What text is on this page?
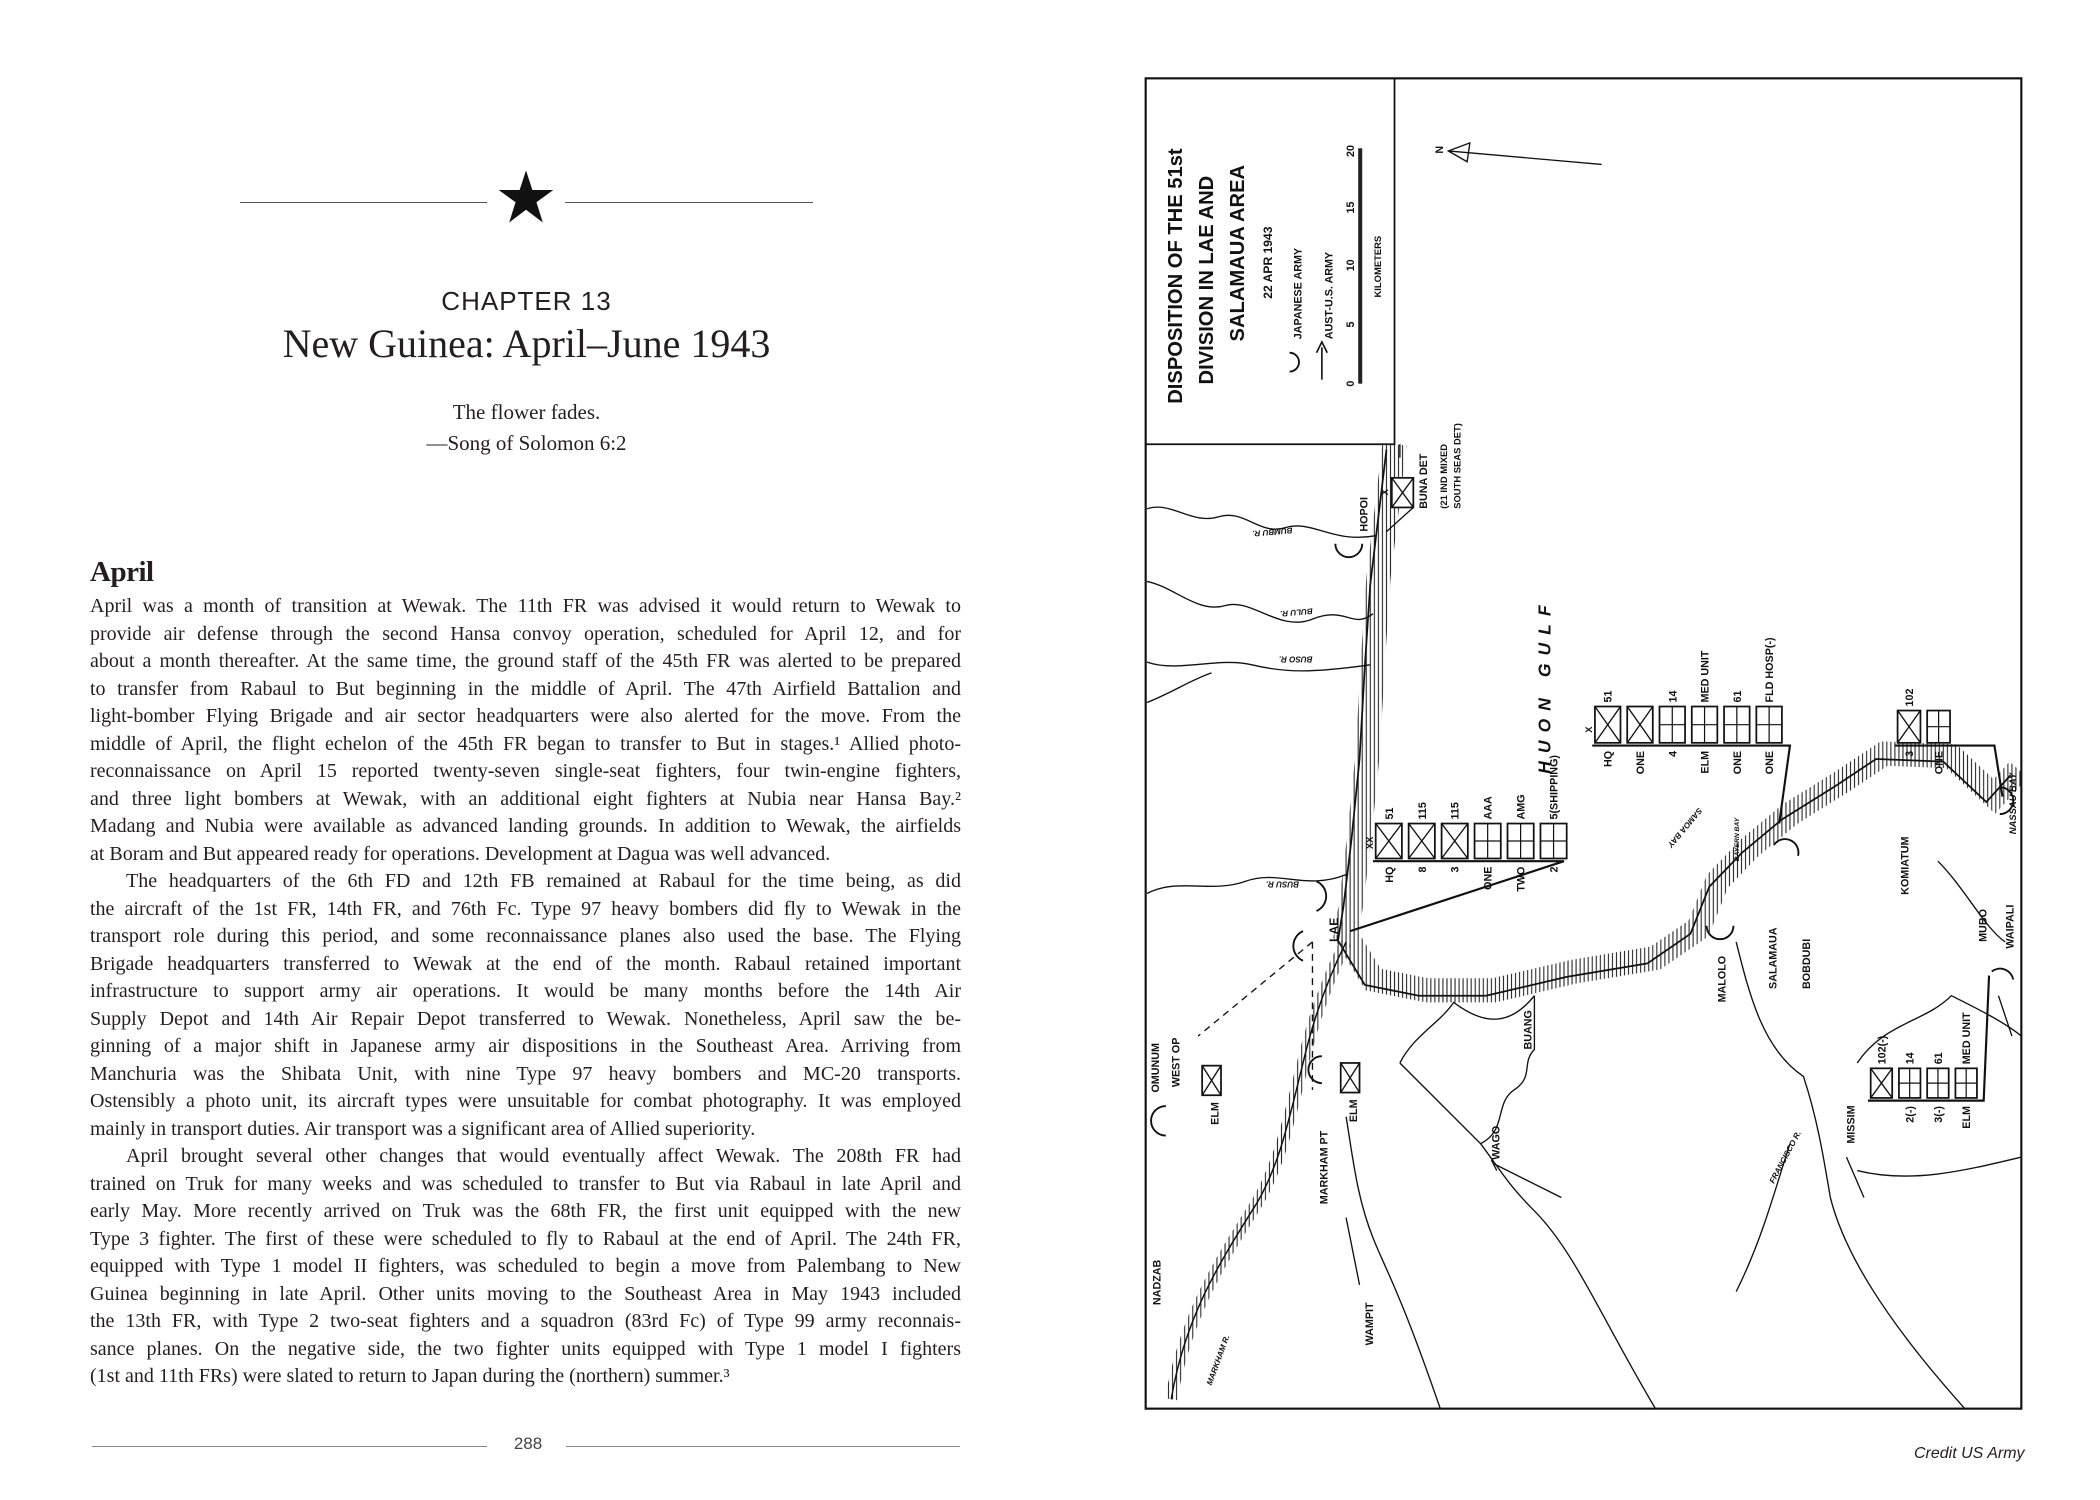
CHAPTER 13
New Guinea: April–June 1943
The flower fades.
—Song of Solomon 6:2
April
April was a month of transition at Wewak. The 11th FR was advised it would return to Wewak to
provide air defense through the second Hansa convoy operation, scheduled for April 12, and for
about a month thereafter. At the same time, the ground staff of the 45th FR was alerted to be prepared
to transfer from Rabaul to But beginning in the middle of April. The 47th Airfield Battalion and
light-bomber Flying Brigade and air sector headquarters were also alerted for the move. From the
middle of April, the flight echelon of the 45th FR began to transfer to But in stages.¹ Allied photo-
reconnaissance on April 15 reported twenty-seven single-seat fighters, four twin-engine fighters,
and three light bombers at Wewak, with an additional eight fighters at Nubia near Hansa Bay.²
Madang and Nubia were available as advanced landing grounds. In addition to Wewak, the airfields
at Boram and But appeared ready for operations. Development at Dagua was well advanced.
The headquarters of the 6th FD and 12th FB remained at Rabaul for the time being, as did
the aircraft of the 1st FR, 14th FR, and 76th Fc. Type 97 heavy bombers did fly to Wewak in the
transport role during this period, and some reconnaissance planes also used the base. The Flying
Brigade headquarters transferred to Wewak at the end of the month. Rabaul retained important
infrastructure to support army air operations. It would be many months before the 14th Air
Supply Depot and 14th Air Repair Depot transferred to Wewak. Nonetheless, April saw the be-
ginning of a major shift in Japanese army air dispositions in the Southeast Area. Arriving from
Manchuria was the Shibata Unit, with nine Type 97 heavy bombers and MC-20 transports.
Ostensibly a photo unit, its aircraft types were unsuitable for combat photography. It was employed
mainly in transport duties. Air transport was a significant area of Allied superiority.
April brought several other changes that would eventually affect Wewak. The 208th FR had
trained on Truk for many weeks and was scheduled to transfer to But via Rabaul in late April and
early May. More recently arrived on Truk was the 68th FR, the first unit equipped with the new
Type 3 fighter. The first of these were scheduled to fly to Rabaul at the end of April. The 24th FR,
equipped with Type 1 model II fighters, was scheduled to begin a move from Palembang to New
Guinea beginning in late April. Other units moving to the Southeast Area in May 1943 included
the 13th FR, with Type 2 two-seat fighters and a squadron (83rd Fc) of Type 99 army reconnais-
sance planes. On the negative side, the two fighter units equipped with Type 1 model I fighters
(1st and 11th FRs) were slated to return to Japan during the (northern) summer.³
288
DISPOSITION OF THE 51st DIVISION IN LAE AND SALAMAUA AREA 22 APR 1943 JAPANESE ARMY AUST-U.S. ARMY
0
5
10
15
20
KILOMETERS
N
HUON GULF
HOPOI
LAE
MARKHAM PT
OMUNUM WEST OP
NADZAB
MARKHAM R.
WAMPIT
WAGO
BUANG
MALOLO	SALAMAUA	BOBDUBI
KOMIATUM
MUBO WAIPALI
MISSIM
FRANCISCO R.
SAMOA BAY	BAYERN BAY
NASSAU BAY
BUMBU R.
BULU R.
BUSO R.
BUSU R.
X	BUNA DET (21 IND MIXED SOUTH SEAS DET)
ELM	ELM
51
HQ
115
8
115
3
AAA
ONE
AMG
TWO
5(SHIPPING)
2
XX
51
HQ	ONE
14
4
MED UNIT
ELM
61
ONE
FLD HOSP(-)
ONE
X
102
3 ONE
102(-) 14
2(-)
61
3(-)
MED UNIT
ELM
Credit US Army
